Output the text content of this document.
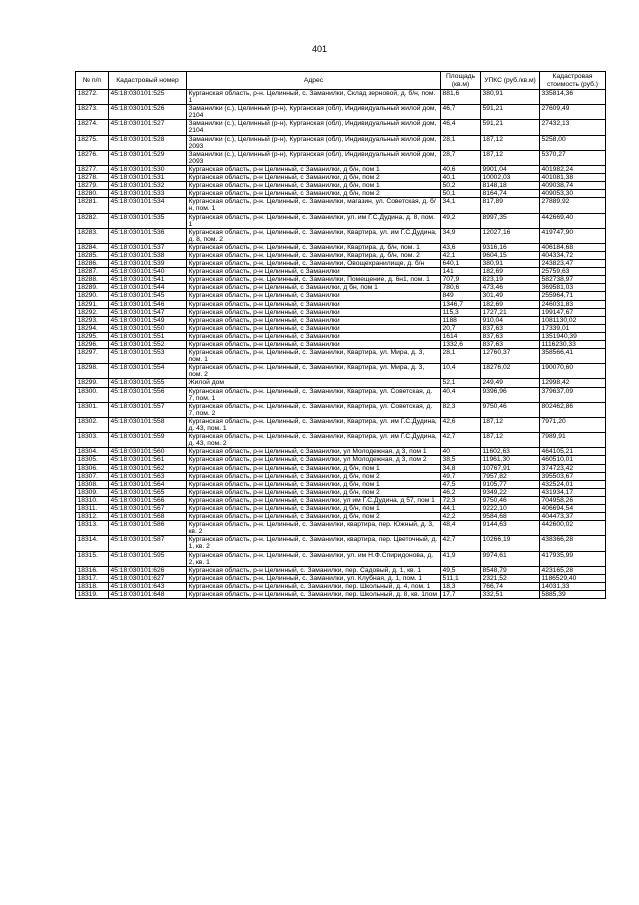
401
№ п/п	Кадастровый номер	Адрес	Площадь (кв.м)	УПКС (руб./кв.м)	Кадастровая стоимость (руб.)
18272.	45:18:030101:525	Курганская область, р-н. Целинный, с. Заманилки, Склад зерновой, д. б/н, пом. 1	881,6	380,91	335814,36
18273.	45:18:030101:526	Заманилки (с.), Целинный (р-н), Курганская (обл), Индивидуальный жилой дом, 2104	46,7	591,21	27609,49
18274.	45:18:030101:527	Заманилки (с.), Целинный (р-н), Курганская (обл), Индивидуальный жилой дом, 2104	46,4	591,21	27432,13
18275.	45:18:030101:528	Заманилки (с.), Целинный (р-н), Курганская (обл), Индивидуальный жилой дом, 2093	28,1	187,12	5258,00
18276.	45:18:030101:529	Заманилки (с.), Целинный (р-н), Курганская (обл), Индивидуальный жилой дом, 2093	28,7	187,12	5370,27
18277.	45:18:030101:530	Курганская область, р-н Целинный, с Заманилки, д б/н, пом 1	40,6	9901,04	401982,24
18278.	45:18:030101:531	Курганская область, р-н Целинный, с Заманилки, д б/н, пом 2	40,1	10002,03	401081,38
18279.	45:18:030101:532	Курганская область, р-н Целинный, с Заманилки, д б/н, пом 1	50,2	8148,18	409038,74
18280.	45:18:030101:533	Курганская область, р-н Целинный, с Заманилки, д б/н, пом 2	50,1	8164,74	409053,30
18281.	45:18:030101:534	Курганская область, р-н. Целинный, с. Заманилки, магазин, ул. Советская, д. б/н, пом. 1	34,1	817,89	27889,92
18282.	45:18:030101:535	Курганская область, р-н. Целинный, с. Заманилки, ул. им Г.С.Дудина, д. 8, пом. 1	49,2	8997,35	442669,40
18283.	45:18:030101:536	Курганская область, р-н. Целинный, с. Заманилки, Квартира, ул. им Г.С.Дудина, д. 8, пом. 2	34,9	12027,16	419747,90
18284.	45:18:030101:537	Курганская область, р-н. Целинный, с. Заманилки, Квартира, д. б/н, пом. 1	43,6	9316,16	406184,68
18285.	45:18:030101:538	Курганская область, р-н. Целинный, с. Заманилки, Квартира, д. б/н, пом. 2	42,1	9604,15	404334,72
18286.	45:18:030101:539	Курганская область, р-н. Целинный, с. Заманилки, Овощехранилище, д. б/н	640,1	380,91	243823,47
18287.	45:18:030101:540	Курганская область, р-н Целинный, с Заманилки	141	182,69	25759,63
18288.	45:18:030101:541	Курганская область, р-н. Целинный, с. Заманилки, Помещение, д. 6н1, пом. 1	707,9	823,19	582738,97
18289.	45:18:030101:544	Курганская область, р-н Целинный, с Заманилки, д бн, пом 1	780,6	473,46	369581,03
18290.	45:18:030101:545	Курганская область, р-н Целинный, с Заманилки	849	301,49	255964,71
18291.	45:18:030101:546	Курганская область, р-н Целинный, с Заманилки	1346,7	182,69	246031,83
18292.	45:18:030101:547	Курганская область, р-н Целинный, с Заманилки	115,3	1727,21	199147,67
18293.	45:18:030101:549	Курганская область, р-н Целинный, с Заманилки	1188	910,04	1081130,02
18294.	45:18:030101:550	Курганская область, р-н Целинный, с Заманилки	20,7	837,63	17339,01
18295.	45:18:030101:551	Курганская область, р-н Целинный, с Заманилки	1614	837,63	1351940,39
18296.	45:18:030101:552	Курганская область, р-н Целинный, с Заманилки	1332,6	837,63	1116230,33
18297.	45:18:030101:553	Курганская область, р-н. Целинный, с. Заманилки, Квартира, ул. Мира, д. 3, пом. 1	28,1	12760,37	358566,41
18298.	45:18:030101:554	Курганская область, р-н. Целинный, с. Заманилки, Квартира, ул. Мира, д. 3, пом. 2	10,4	18276,02	190070,60
18299.	45:18:030101:555	Жилой дом	52,1	249,49	12998,42
18300.	45:18:030101:556	Курганская область, р-н. Целинный, с. Заманилки, Квартира, ул. Советская, д. 7, пом. 1	40,4	9396,96	379637,09
18301.	45:18:030101:557	Курганская область, р-н. Целинный, с. Заманилки, Квартира, ул. Советская, д. 7, пом. 2	82,3	9750,46	802462,86
18302.	45:18:030101:558	Курганская область, р-н. Целинный, с. Заманилки, Квартира, ул. им Г.С.Дудина, д. 43, пом. 1	42,6	187,12	7971,20
18303.	45:18:030101:559	Курганская область, р-н. Целинный, с. Заманилки, Квартира, ул. им Г.С.Дудина, д. 43, пом. 2	42,7	187,12	7989,91
18304.	45:18:030101:560	Курганская область, р-н Целинный, с Заманилки, ул Молодежная, д 3, пом 1	40	11602,63	464105,21
18305.	45:18:030101:561	Курганская область, р-н Целинный, с Заманилки, ул Молодежная, д 3, пом 2	38,5	11961,30	460510,01
18306.	45:18:030101:562	Курганская область, р-н Целинный, с Заманилки, д б/н, пом 1	34,8	10767,91	374723,42
18307.	45:18:030101:563	Курганская область, р-н Целинный, с Заманилки, д б/н, пом 2	49,7	7957,82	395503,67
18308.	45:18:030101:564	Курганская область, р-н Целинный, с Заманилки, д б/н, пом 1	47,5	9105,77	432524,01
18309.	45:18:030101:565	Курганская область, р-н Целинный, с Заманилки, д б/н, пом 2	46,2	9349,22	431934,17
18310.	45:18:030101:566	Курганская область, р-н Целинный, с Заманилки, ул им Г.С.Дудина, д 57, пом 1	72,3	9750,46	704958,26
18311.	45:18:030101:567	Курганская область, р-н Целинный, с Заманилки, д б/н, пом 1	44,1	9222,10	406694,54
18312.	45:18:030101:568	Курганская область, р-н Целинный, с Заманилки, д б/н, пом 2	42,2	9584,68	404473,37
18313.	45:18:030101:586	Курганская область, р-н. Целинный, с. Заманилки, квартира, пер. Южный, д. 3, кв. 2	48,4	9144,63	442600,02
18314.	45:18:030101:587	Курганская область, р-н. Целинный, с. Заманилки, квартира, пер. Цветочный, д. 1, кв. 2	42,7	10266,19	438366,28
18315.	45:18:030101:595	Курганская область, р-н. Целинный, с. Заманилки, ул. им Н.Ф.Спиридонова, д. 2, кв. 1	41,9	9974,61	417935,99
18316.	45:18:030101:626	Курганская область, р-н Целинный, с. Заманилки, пер. Садовый, д. 1, кв. 1	49,5	8548,79	423165,28
18317.	45:18:030101:627	Курганская область, р-н. Целинный, с. Заманилки, ул. Клубная, д. 1, пом. 1	511,1	2321,52	1186529,40
18318.	45:18:030101:643	Курганская область, р-н Целинный, с. Заманилки, пер. Школьный, д. 4, пом. 1	18,3	766,74	14031,33
18319.	45:18:030101:648	Курганская область, р-н Целинный, с. Заманилки, пер. Школьный, д. 8, кв. 1пом	17,7	332,51	5885,39
